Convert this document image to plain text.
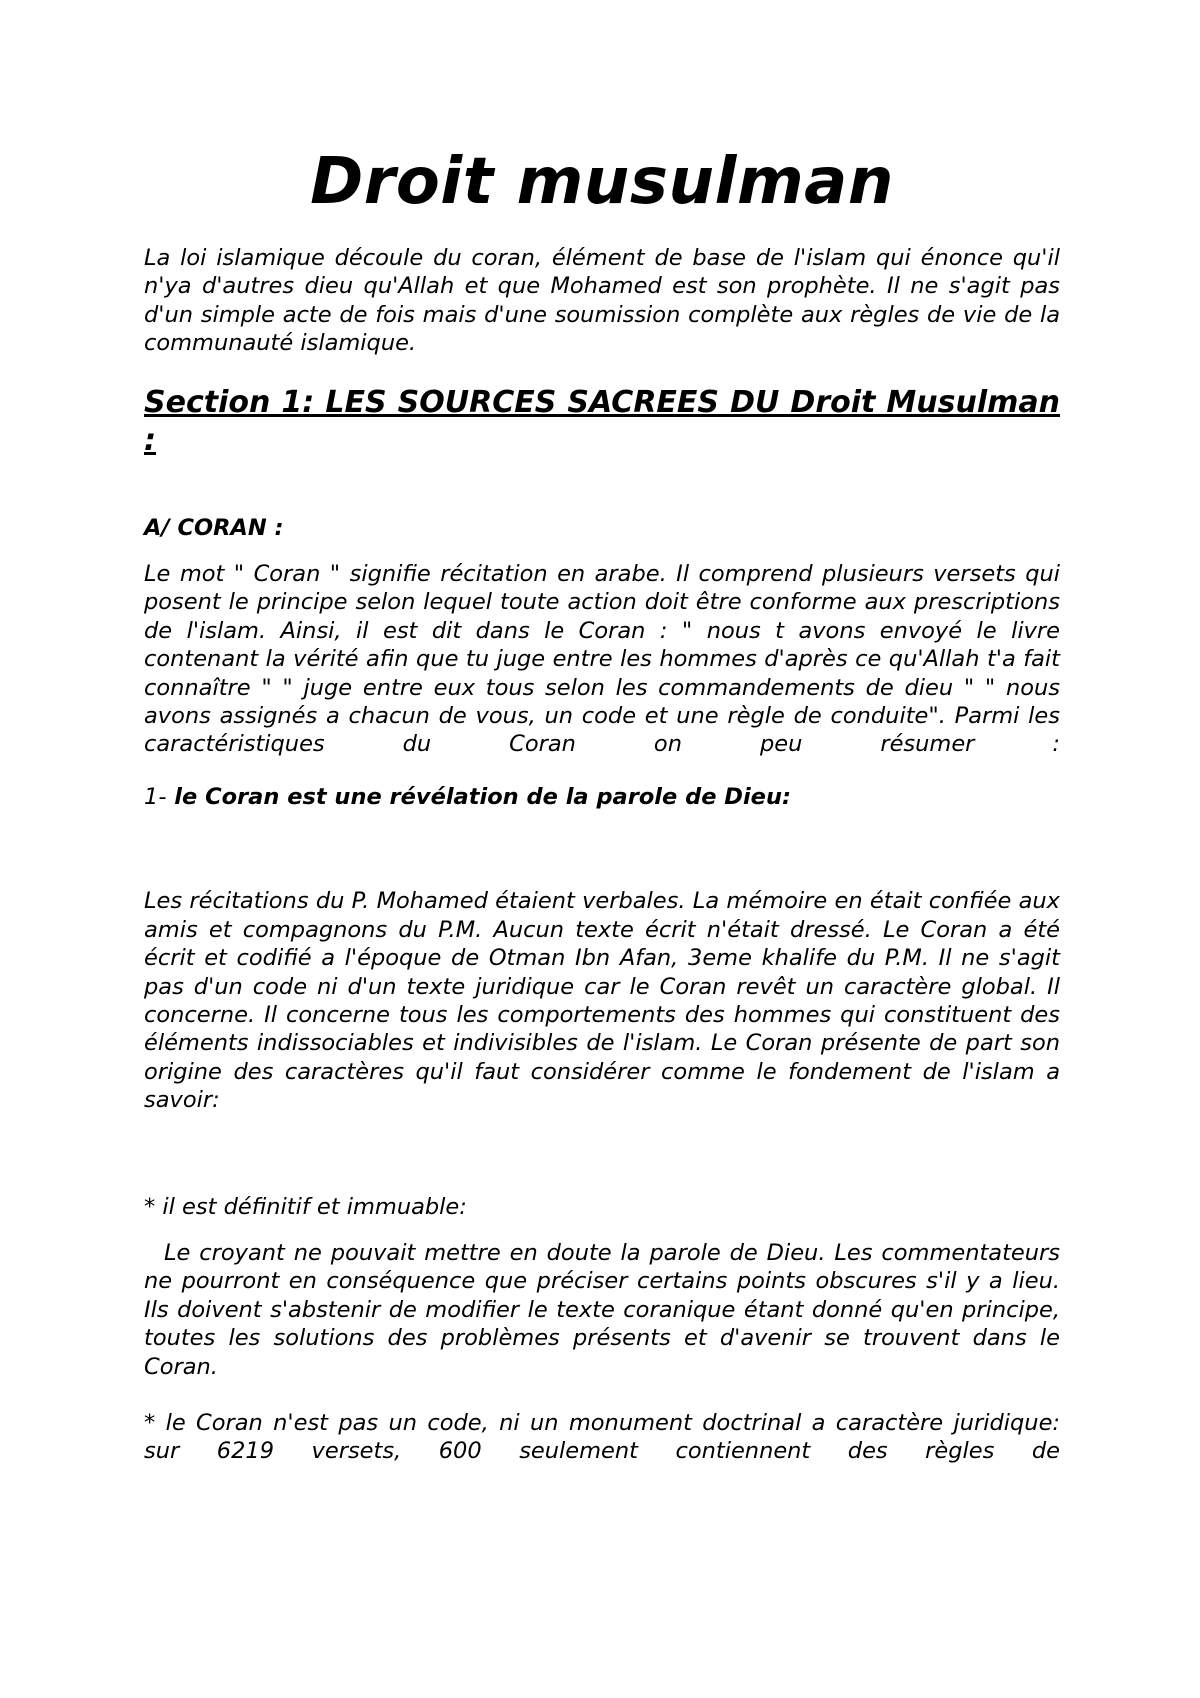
Droit musulman

La loi islamique découle du coran, élément de base de l'islam qui énonce qu'il n'ya d'autres dieu qu'Allah et que Mohamed est son prophète. Il ne s'agit pas d'un simple acte de fois mais d'une soumission complète aux règles de vie de la communauté islamique.

Section 1: LES SOURCES SACREES DU Droit Musulman :

A/ CORAN :

Le mot " Coran " signifie récitation en arabe. Il comprend plusieurs versets qui posent le principe selon lequel toute action doit être conforme aux prescriptions de l'islam. Ainsi, il est dit dans le Coran : " nous t avons envoyé le livre contenant la vérité afin que tu juge entre les hommes d'après ce qu'Allah t'a fait connaître " " juge entre eux tous selon les commandements de dieu " " nous avons assignés a chacun de vous, un code et une règle de conduite". Parmi les caractéristiques du Coran on peu résumer :

1- le Coran est une révélation de la parole de Dieu:

Les récitations du P. Mohamed étaient verbales. La mémoire en était confiée aux amis et compagnons du P.M. Aucun texte écrit n'était dressé. Le Coran a été écrit et codifié a l'époque de Otman Ibn Afan, 3eme khalife du P.M. Il ne s'agit pas d'un code ni d'un texte juridique car le Coran revêt un caractère global. Il concerne. Il concerne tous les comportements des hommes qui constituent des éléments indissociables et indivisibles de l'islam. Le Coran présente de part son origine des caractères qu'il faut considérer comme le fondement de l'islam a savoir:

* il est définitif et immuable:

Le croyant ne pouvait mettre en doute la parole de Dieu. Les commentateurs ne pourront en conséquence que préciser certains points obscures s'il y a lieu. Ils doivent s'abstenir de modifier le texte coranique étant donné qu'en principe, toutes les solutions des problèmes présents et d'avenir se trouvent dans le Coran.

* le Coran n'est pas un code, ni un monument doctrinal a caractère juridique: sur 6219 versets, 600 seulement contiennent des règles de
